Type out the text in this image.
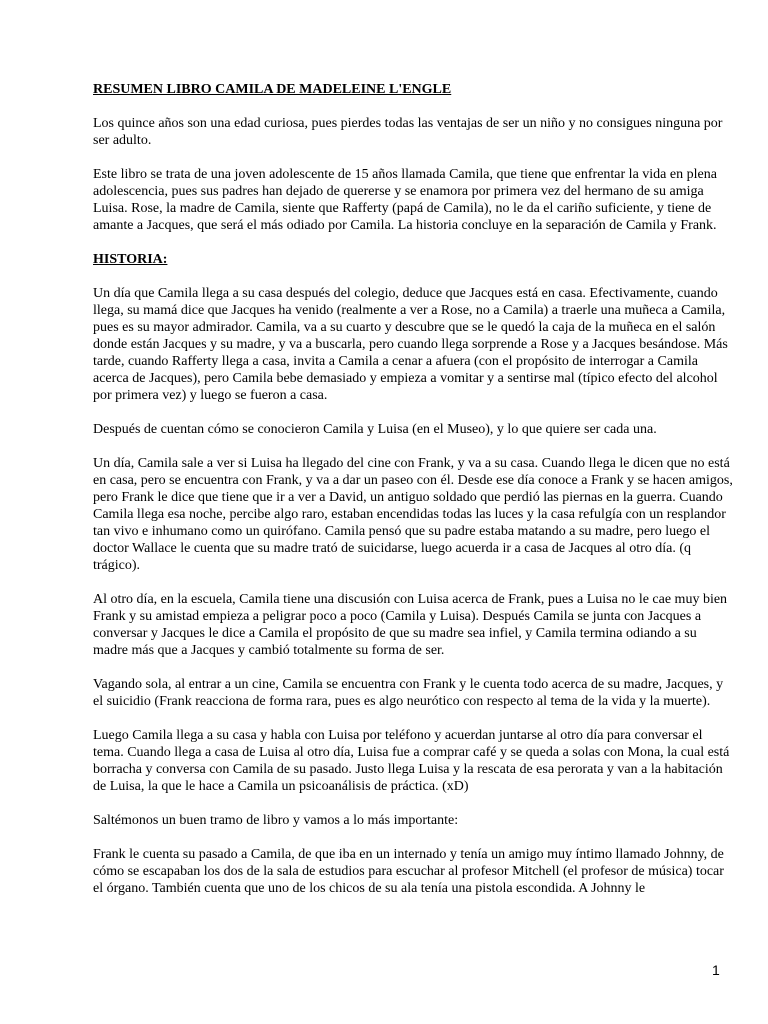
RESUMEN LIBRO CAMILA DE MADELEINE L'ENGLE

Los quince años son una edad curiosa, pues pierdes todas las ventajas de ser un niño y no consigues ninguna por ser adulto.

Este libro se trata de una joven adolescente de 15 años llamada Camila, que tiene que enfrentar la vida en plena adolescencia, pues sus padres han dejado de quererse y se enamora por primera vez del hermano de su amiga Luisa. Rose, la madre de Camila, siente que Rafferty (papá de Camila), no le da el cariño suficiente, y tiene de amante a Jacques, que será el más odiado por Camila. La historia concluye en la separación de Camila y Frank.

HISTORIA:

Un día que Camila llega a su casa después del colegio, deduce que Jacques está en casa. Efectivamente, cuando llega, su mamá dice que Jacques ha venido (realmente a ver a Rose, no a Camila) a traerle una muñeca a Camila, pues es su mayor admirador. Camila, va a su cuarto y descubre que se le quedó la caja de la muñeca en el salón donde están Jacques y su madre, y va a buscarla, pero cuando llega sorprende a Rose y a Jacques besándose. Más tarde, cuando Rafferty llega a casa, invita a Camila a cenar a afuera (con el propósito de interrogar a Camila acerca de Jacques), pero Camila bebe demasiado y empieza a vomitar y a sentirse mal (típico efecto del alcohol por primera vez) y luego se fueron a casa.

Después de cuentan cómo se conocieron Camila y Luisa (en el Museo), y lo que quiere ser cada una.

Un día, Camila sale a ver si Luisa ha llegado del cine con Frank, y va a su casa. Cuando llega le dicen que no está en casa, pero se encuentra con Frank, y va a dar un paseo con él. Desde ese día conoce a Frank y se hacen amigos, pero Frank le dice que tiene que ir a ver a David, un antiguo soldado que perdió las piernas en la guerra. Cuando Camila llega esa noche, percibe algo raro, estaban encendidas todas las luces y la casa refulgía con un resplandor tan vivo e inhumano como un quirófano. Camila pensó que su padre estaba matando a su madre, pero luego el doctor Wallace le cuenta que su madre trató de suicidarse, luego acuerda ir a casa de Jacques al otro día. (q trágico).

Al otro día, en la escuela, Camila tiene una discusión con Luisa acerca de Frank, pues a Luisa no le cae muy bien Frank y su amistad empieza a peligrar poco a poco (Camila y Luisa). Después Camila se junta con Jacques a conversar y Jacques le dice a Camila el propósito de que su madre sea infiel, y Camila termina odiando a su madre más que a Jacques y cambió totalmente su forma de ser.

Vagando sola, al entrar a un cine, Camila se encuentra con Frank y le cuenta todo acerca de su madre, Jacques, y el suicidio (Frank reacciona de forma rara, pues es algo neurótico con respecto al tema de la vida y la muerte).

Luego Camila llega a su casa y habla con Luisa por teléfono y acuerdan juntarse al otro día para conversar el tema. Cuando llega a casa de Luisa al otro día, Luisa fue a comprar café y se queda a solas con Mona, la cual está borracha y conversa con Camila de su pasado. Justo llega Luisa y la rescata de esa perorata y van a la habitación de Luisa, la que le hace a Camila un psicoanálisis de práctica. (xD)

Saltémonos un buen tramo de libro y vamos a lo más importante:

Frank le cuenta su pasado a Camila, de que iba en un internado y tenía un amigo muy íntimo llamado Johnny, de cómo se escapaban los dos de la sala de estudios para escuchar al profesor Mitchell (el profesor de música) tocar el órgano. También cuenta que uno de los chicos de su ala tenía una pistola escondida. A Johnny le

1
